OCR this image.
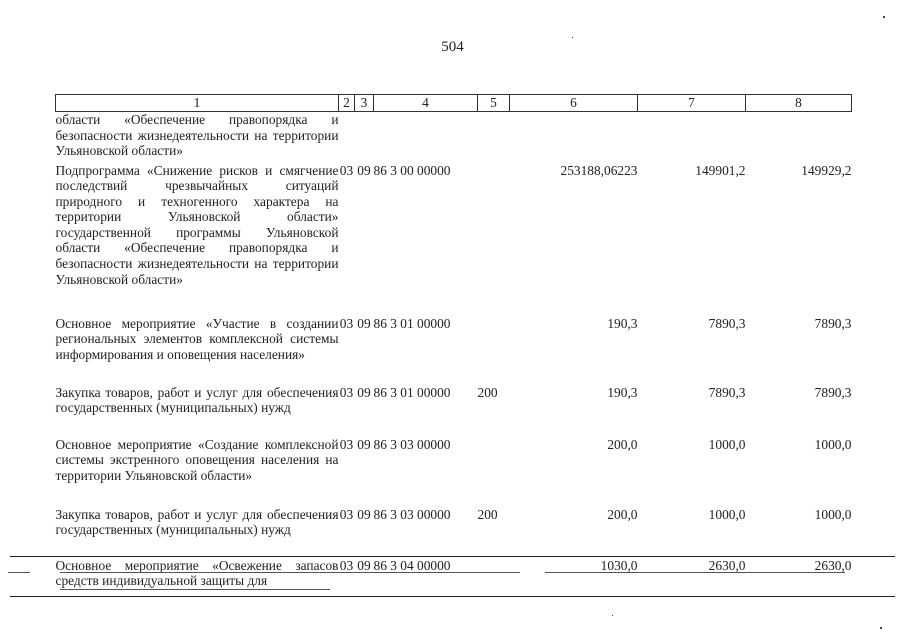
504
1	2	3	4	5	6	7	8
области «Обеспечение правопорядка и безопасности жизнедеятельности на территории Ульяновской области»							
Подпрограмма «Снижение рисков и смягчение последствий чрезвычайных ситуаций природного и техногенного характера на территории Ульяновской области» государственной программы Ульяновской области «Обеспечение правопорядка и безопасности жизнедеятельности на территории Ульяновской области»	03	09	86 3 00 00000		253188,06223	149901,2	149929,2
Основное мероприятие «Участие в создании региональных элементов комплексной системы информирования и оповещения населения»	03	09	86 3 01 00000		190,3	7890,3	7890,3
Закупка товаров, работ и услуг для обеспечения государственных (муниципальных) нужд	03	09	86 3 01 00000	200	190,3	7890,3	7890,3
Основное мероприятие «Создание комплексной системы экстренного оповещения населения на территории Ульяновской области»	03	09	86 3 03 00000		200,0	1000,0	1000,0
Закупка товаров, работ и услуг для обеспечения государственных (муниципальных) нужд	03	09	86 3 03 00000	200	200,0	1000,0	1000,0
Основное мероприятие «Освежение запасов средств индивидуальной защиты для	03	09	86 3 04 00000		1030,0	2630,0	2630,0
